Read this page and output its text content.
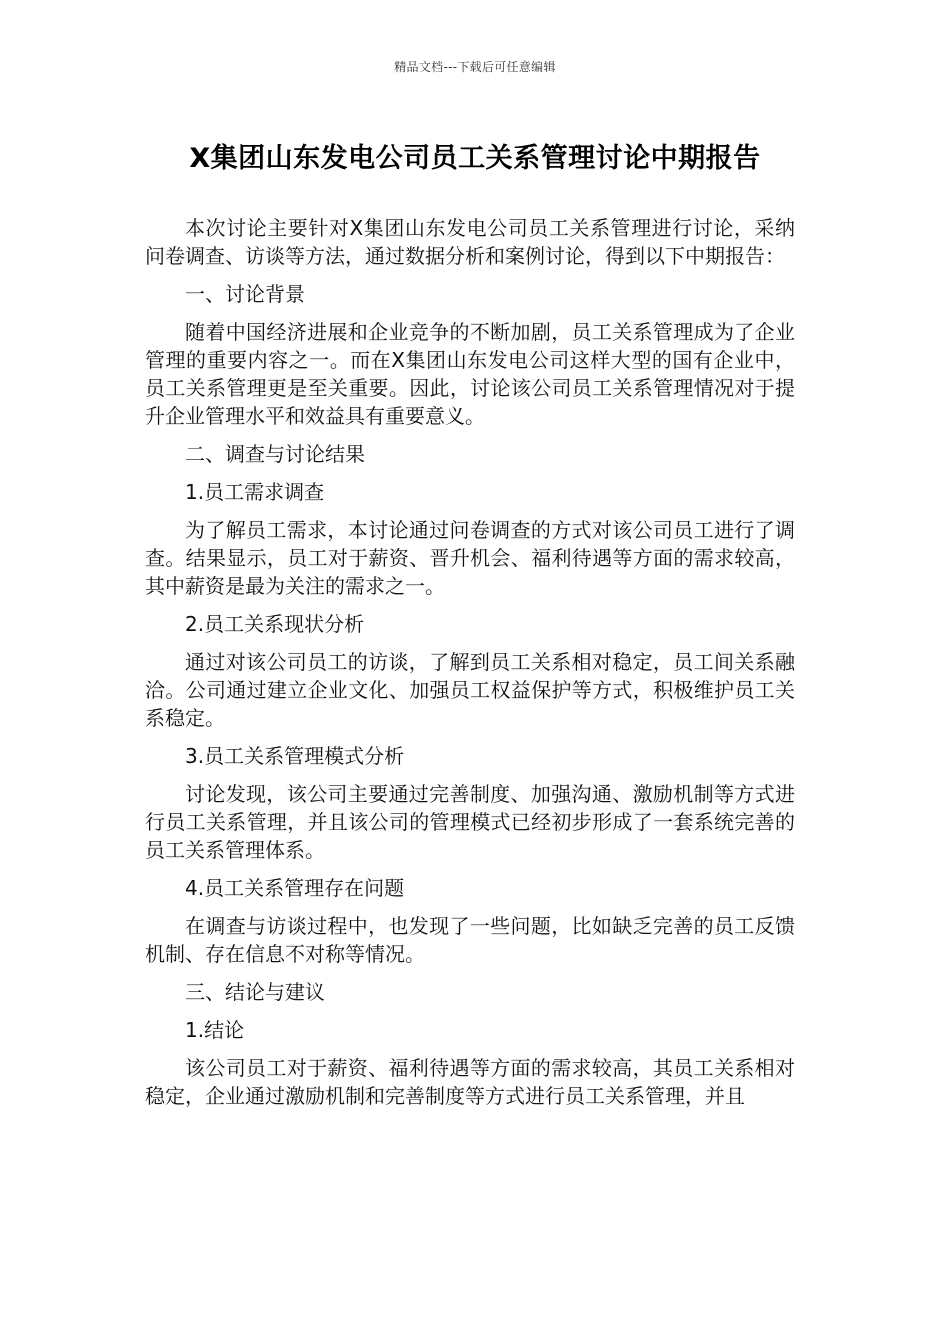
精品文档---下载后可任意编辑
X集团山东发电公司员工关系管理讨论中期报告

本次讨论主要针对X集团山东发电公司员工关系管理进行讨论，采纳问卷调查、访谈等方法，通过数据分析和案例讨论，得到以下中期报告：

一、讨论背景

随着中国经济进展和企业竞争的不断加剧，员工关系管理成为了企业管理的重要内容之一。而在X集团山东发电公司这样大型的国有企业中，员工关系管理更是至关重要。因此，讨论该公司员工关系管理情况对于提升企业管理水平和效益具有重要意义。

二、调查与讨论结果

1.员工需求调查

为了解员工需求，本讨论通过问卷调查的方式对该公司员工进行了调查。结果显示，员工对于薪资、晋升机会、福利待遇等方面的需求较高，其中薪资是最为关注的需求之一。

2.员工关系现状分析

通过对该公司员工的访谈，了解到员工关系相对稳定，员工间关系融洽。公司通过建立企业文化、加强员工权益保护等方式，积极维护员工关系稳定。

3.员工关系管理模式分析

讨论发现，该公司主要通过完善制度、加强沟通、激励机制等方式进行员工关系管理，并且该公司的管理模式已经初步形成了一套系统完善的员工关系管理体系。

4.员工关系管理存在问题

在调查与访谈过程中，也发现了一些问题，比如缺乏完善的员工反馈机制、存在信息不对称等情况。

三、结论与建议

1.结论

该公司员工对于薪资、福利待遇等方面的需求较高，其员工关系相对稳定，企业通过激励机制和完善制度等方式进行员工关系管理，并且
